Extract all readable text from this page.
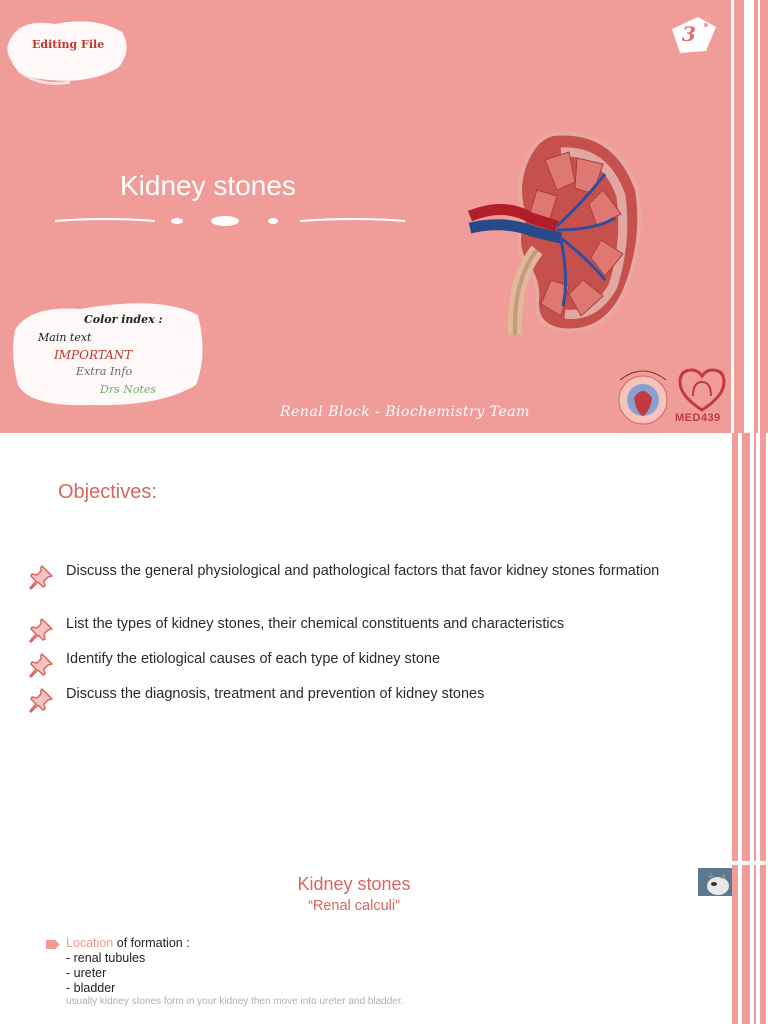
Editing File	3
Kidney stones
Color index :
Main text
IMPORTANT
Extra Info
Drs Notes
Renal Block - Biochemistry Team	MED439
Objectives:
Discuss the general physiological and pathological factors that favor kidney stones formation
List the types of kidney stones, their chemical constituents and characteristics
Identify the etiological causes of each type of kidney stone
Discuss the diagnosis, treatment and prevention of kidney stones
Kidney stones
“Renal calculi”
Location of formation :
- renal tubules
- ureter
- bladder
usually kidney stones form in your kidney then move into ureter and bladder.
